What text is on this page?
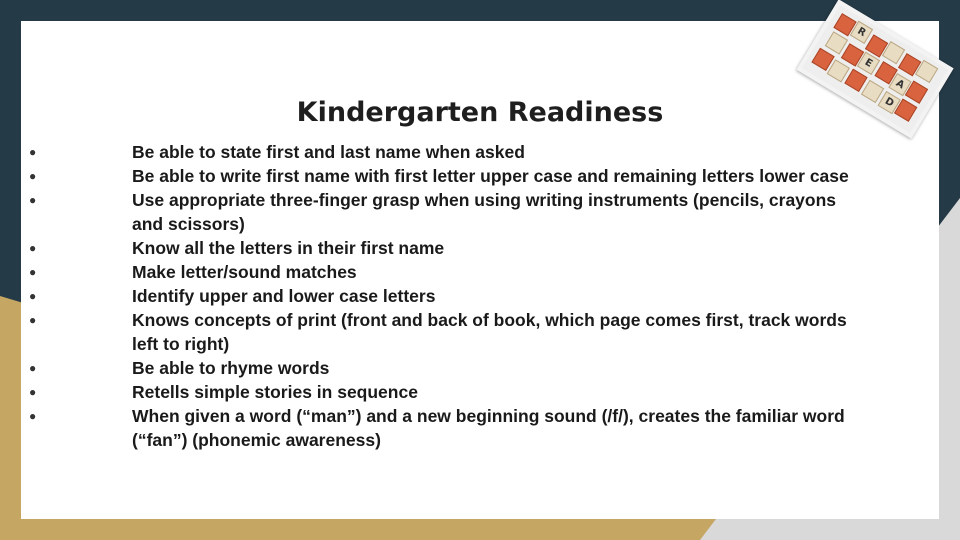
R
E
A
D
Kindergarten Readiness
●	Be able to state first and last name when asked
●	Be able to write first name with first letter upper case and remaining letters lower case
●	Use appropriate three-finger grasp when using writing instruments (pencils, crayons and scissors)
●	Know all the letters in their first name
●	Make letter/sound matches
●	Identify upper and lower case letters
●	Knows concepts of print (front and back of book, which page comes first, track words left to right)
●	Be able to rhyme words
●	Retells simple stories in sequence
●	When given a word (“man”) and a new beginning sound (/f/), creates the familiar word (“fan”) (phonemic awareness)
